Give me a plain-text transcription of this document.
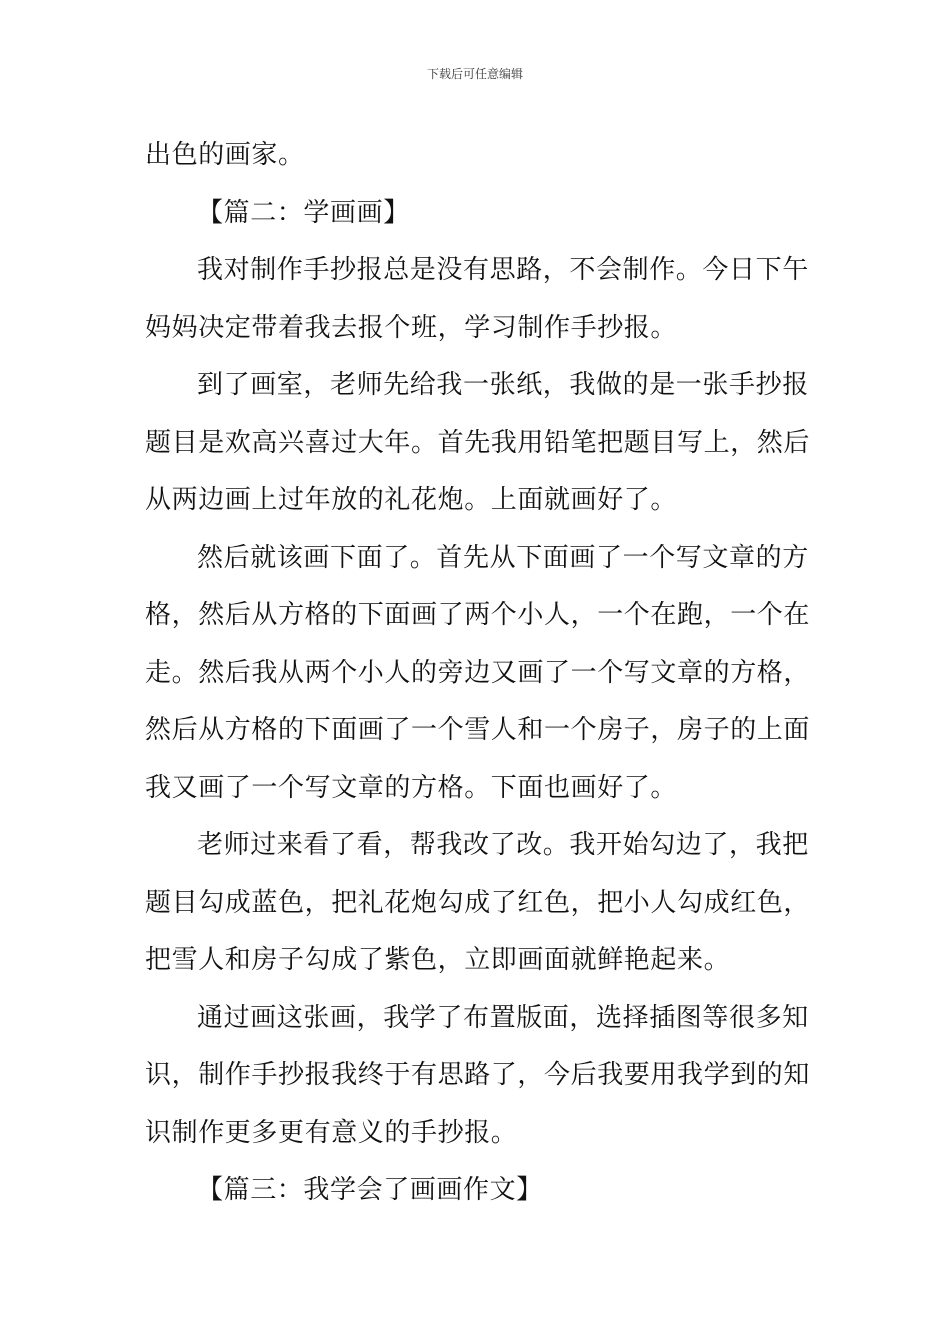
下载后可任意编辑
出色的画家。
【篇二：学画画】
我对制作手抄报总是没有思路，不会制作。今日下午
妈妈决定带着我去报个班，学习制作手抄报。
到了画室，老师先给我一张纸，我做的是一张手抄报
题目是欢高兴喜过大年。首先我用铅笔把题目写上，然后
从两边画上过年放的礼花炮。上面就画好了。
然后就该画下面了。首先从下面画了一个写文章的方
格，然后从方格的下面画了两个小人，一个在跑，一个在
走。然后我从两个小人的旁边又画了一个写文章的方格，
然后从方格的下面画了一个雪人和一个房子，房子的上面
我又画了一个写文章的方格。下面也画好了。
老师过来看了看，帮我改了改。我开始勾边了，我把
题目勾成蓝色，把礼花炮勾成了红色，把小人勾成红色，
把雪人和房子勾成了紫色，立即画面就鲜艳起来。
通过画这张画，我学了布置版面，选择插图等很多知
识，制作手抄报我终于有思路了，今后我要用我学到的知
识制作更多更有意义的手抄报。
【篇三：我学会了画画作文】
